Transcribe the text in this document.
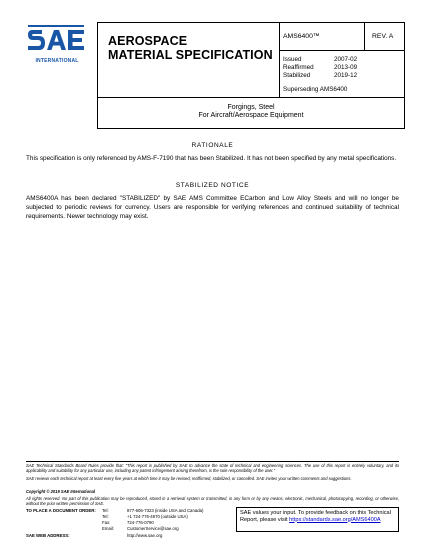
INTERNATIONAL
AEROSPACE
MATERIAL SPECIFICATION
AMS6400™	REV. A
Issued	2007-02
Reaffirmed	2013-09
Stabilized	2019-12
Superseding AMS6400
Forgings, Steel
For Aircraft/Aerospace Equipment
RATIONALE
This specification is only referenced by AMS-F-7190 that has been Stabilized. It has not been specified by any metal specifications.
STABILIZED NOTICE
AMS6400A has been declared "STABILIZED" by SAE AMS Committee ECarbon and Low Alloy Steels and will no longer be subjected to periodic reviews for currency. Users are responsible for verifying references and continued suitability of technical requirements. Newer technology may exist.
SAE Technical Standards Board Rules provide that: "This report is published by SAE to advance the state of technical and engineering sciences. The use of this report is entirely voluntary, and its applicability and suitability for any particular use, including any patent infringement arising therefrom, is the sole responsibility of the user."
SAE reviews each technical report at least every five years at which time it may be revised, reaffirmed, stabilized, or cancelled. SAE invites your written comments and suggestions.
Copyright © 2019 SAE International
All rights reserved. No part of this publication may be reproduced, stored in a retrieval system or transmitted, in any form or by any means, electronic, mechanical, photocopying, recording, or otherwise, without the prior written permission of SAE.
TO PLACE A DOCUMENT ORDER: Tel:	877-606-7323 (inside USA and Canada)
Tel:	+1 724-776-4970 (outside USA)
Fax:	724-776-0790
Email:	CustomerService@sae.org
SAE WEB ADDRESS:	http://www.sae.org
SAE values your input. To provide feedback on this Technical Report, please visit https://standards.sae.org/AMS6400A
